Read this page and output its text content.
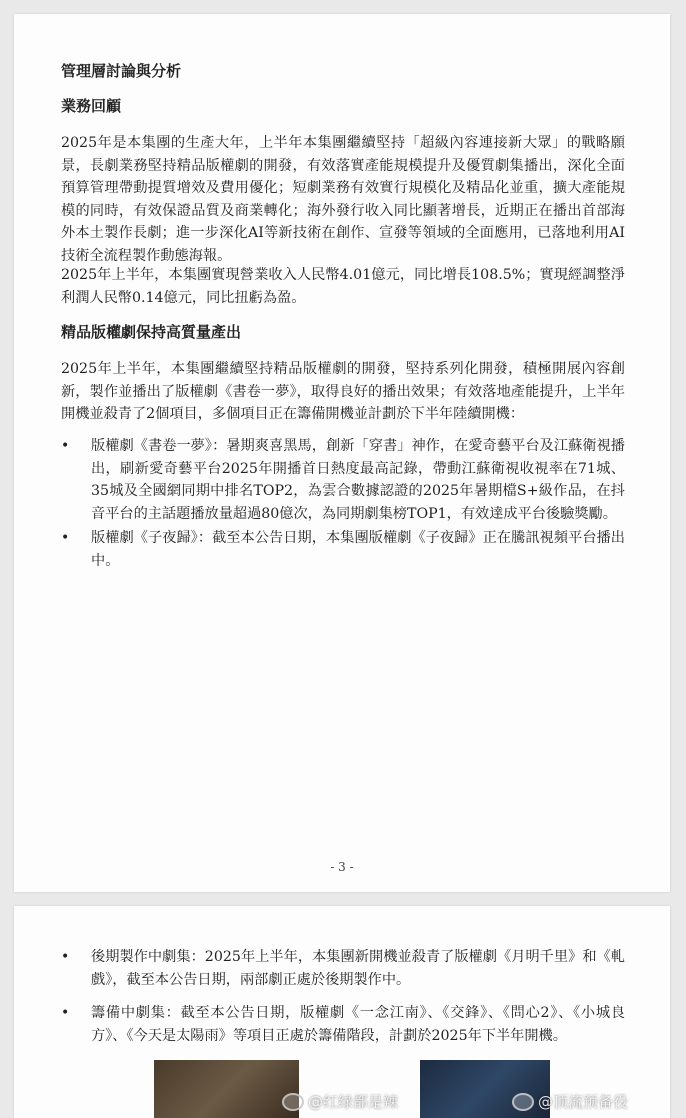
管理層討論與分析
業務回顧

2025年是本集團的生產大年，上半年本集團繼續堅持「超級內容連接新大眾」的戰略願景，長劇業務堅持精品版權劇的開發，有效落實產能規模提升及優質劇集播出，深化全面預算管理帶動提質增效及費用優化；短劇業務有效實行規模化及精品化並重，擴大產能規模的同時，有效保證品質及商業轉化；海外發行收入同比顯著增長，近期正在播出首部海外本土製作長劇；進一步深化AI等新技術在創作、宣發等領域的全面應用，已落地利用AI技術全流程製作動態海報。

2025年上半年，本集團實現營業收入人民幣4.01億元，同比增長108.5%；實現經調整淨利潤人民幣0.14億元，同比扭虧為盈。

精品版權劇保持高質量產出

2025年上半年，本集團繼續堅持精品版權劇的開發，堅持系列化開發，積極開展內容創新，製作並播出了版權劇《書卷一夢》，取得良好的播出效果；有效落地產能提升，上半年開機並殺青了2個項目，多個項目正在籌備開機並計劃於下半年陸續開機：

• 版權劇《書卷一夢》：暑期爽喜黑馬，創新「穿書」神作，在愛奇藝平台及江蘇衛視播出，刷新愛奇藝平台2025年開播首日熱度最高記錄，帶動江蘇衛視收視率在71城、35城及全國網同期中排名TOP2，為雲合數據認證的2025年暑期檔S+級作品，在抖音平台的主話題播放量超過80億次，為同期劇集榜TOP1，有效達成平台後驗獎勵。
• 版權劇《子夜歸》：截至本公告日期，本集團版權劇《子夜歸》正在騰訊視頻平台播出中。
- 3 -
• 後期製作中劇集：2025年上半年，本集團新開機並殺青了版權劇《月明千里》和《軋戲》，截至本公告日期，兩部劇正處於後期製作中。
• 籌備中劇集：截至本公告日期，版權劇《一念江南》、《交鋒》、《問心2》、《小城良方》、《今天是太陽雨》等項目正處於籌備階段，計劃於2025年下半年開機。
@红绿都是辣	@顶流预备役
